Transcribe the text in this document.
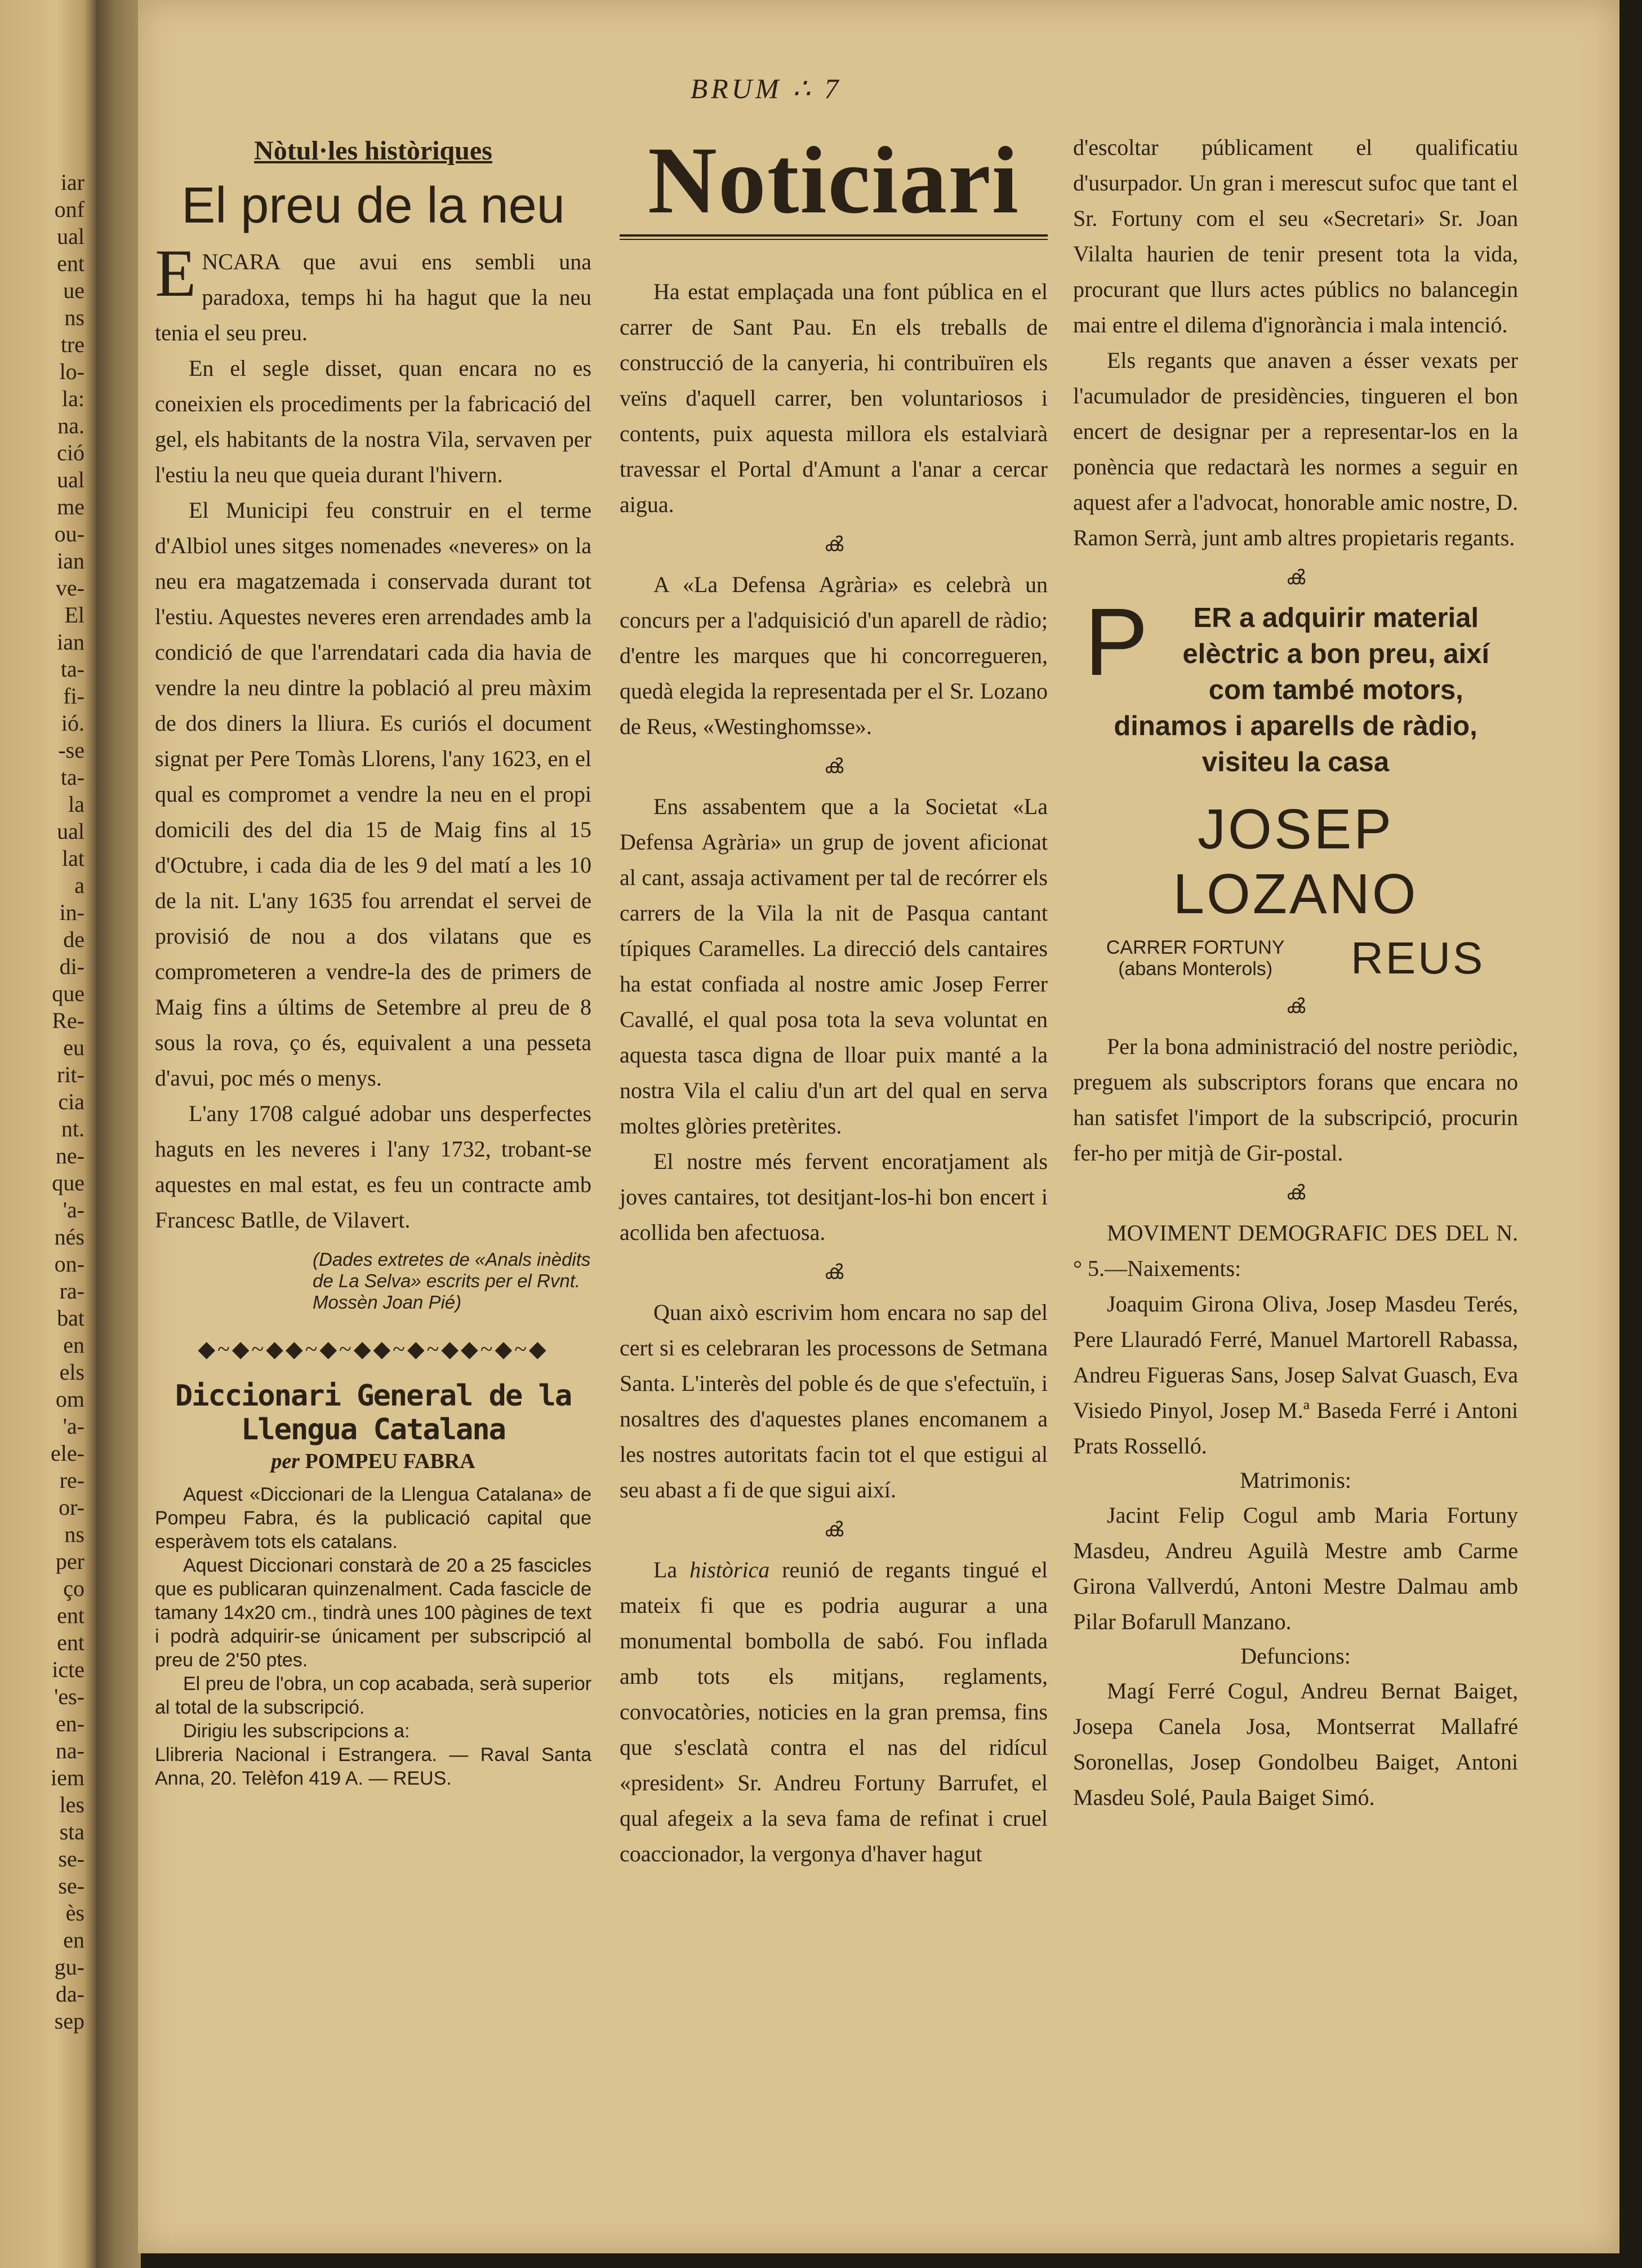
iar
onf
ual
ent
ue
ns
tre
lo-
la:
na.
ció
ual
me
ou-
ian
ve-
El
ian
ta-
fi-
ió.
-se
ta-
la
ual
lat
a
in-
de
di-
que
Re-
eu
rit-
cia
nt.
ne-
que
'a-
nés
on-
ra-
bat
en
els
om
'a-
ele-
re-
or-
ns
per
ço
ent
ent
icte
'es-
en-
na-
iem
les
sta
se-
se-
ès
en
gu-
da-
sep
BRUM ∴ 7
Nòtul·les històriques
El preu de la neu

ENCARA que avui ens sembli una paradoxa, temps hi ha hagut que la neu tenia el seu preu.

En el segle disset, quan encara no es coneixien els procediments per la fabricació del gel, els habitants de la nostra Vila, servaven per l'estiu la neu que queia durant l'hivern.

El Municipi feu construir en el terme d'Albiol unes sitges nomenades «neveres» on la neu era magatzemada i conservada durant tot l'estiu. Aquestes neveres eren arrendades amb la condició de que l'arrendatari cada dia havia de vendre la neu dintre la població al preu màxim de dos diners la lliura. Es curiós el document signat per Pere Tomàs Llorens, l'any 1623, en el qual es compromet a vendre la neu en el propi domicili des del dia 15 de Maig fins al 15 d'Octubre, i cada dia de les 9 del matí a les 10 de la nit. L'any 1635 fou arrendat el servei de provisió de nou a dos vilatans que es comprometeren a vendre-la des de primers de Maig fins a últims de Setembre al preu de 8 sous la rova, ço és, equivalent a una pesseta d'avui, poc més o menys.

L'any 1708 calgué adobar uns desperfectes haguts en les neveres i l'any 1732, trobant-se aquestes en mal estat, es feu un contracte amb Francesc Batlle, de Vilavert.

(Dades extretes de «Anals inèdits de La Selva» escrits per el Rvnt. Mossèn Joan Pié)
◆~◆~◆◆~◆~◆◆~◆~◆◆~◆~◆
Diccionari General de la Llengua Catalana
per POMPEU FABRA

Aquest «Diccionari de la Llengua Catalana» de Pompeu Fabra, és la publicació capital que esperàvem tots els catalans.

Aquest Diccionari constarà de 20 a 25 fascicles que es publicaran quinzenalment. Cada fascicle de tamany 14x20 cm., tindrà unes 100 pàgines de text i podrà adquirir-se únicament per subscripció al preu de 2'50 ptes.

El preu de l'obra, un cop acabada, serà superior al total de la subscripció.

Dirigiu les subscripcions a:

Llibreria Nacional i Estrangera. — Raval Santa Anna, 20. Telèfon 419 A. — REUS.

Noticiari

Ha estat emplaçada una font pública en el carrer de Sant Pau. En els treballs de construcció de la canyeria, hi contribuïren els veïns d'aquell carrer, ben voluntariosos i contents, puix aquesta millora els estalviarà travessar el Portal d'Amunt a l'anar a cercar aigua.

ൿ

A «La Defensa Agrària» es celebrà un concurs per a l'adquisició d'un aparell de ràdio; d'entre les marques que hi concorregueren, quedà elegida la representada per el Sr. Lozano de Reus, «Westinghomsse».

ൿ

Ens assabentem que a la Societat «La Defensa Agrària» un grup de jovent aficionat al cant, assaja activament per tal de recórrer els carrers de la Vila la nit de Pasqua cantant típiques Caramelles. La direcció dels cantaires ha estat confiada al nostre amic Josep Ferrer Cavallé, el qual posa tota la seva voluntat en aquesta tasca digna de lloar puix manté a la nostra Vila el caliu d'un art del qual en serva moltes glòries pretèrites.

El nostre més fervent encoratjament als joves cantaires, tot desitjant-los-hi bon encert i acollida ben afectuosa.

ൿ

Quan això escrivim hom encara no sap del cert si es celebraran les processons de Setmana Santa. L'interès del poble és de que s'efectuïn, i nosaltres des d'aquestes planes encomanem a les nostres autoritats facin tot el que estigui al seu abast a fi de que sigui així.

ൿ

La històrica reunió de regants tingué el mateix fi que es podria augurar a una monumental bombolla de sabó. Fou inflada amb tots els mitjans, reglaments, convocatòries, noticies en la gran premsa, fins que s'esclatà contra el nas del ridícul «president» Sr. Andreu Fortuny Barrufet, el qual afegeix a la seva fama de refinat i cruel coaccionador, la vergonya d'haver hagut

d'escoltar públicament el qualificatiu d'usurpador. Un gran i merescut sufoc que tant el Sr. Fortuny com el seu «Secretari» Sr. Joan Vilalta haurien de tenir present tota la vida, procurant que llurs actes públics no balancegin mai entre el dilema d'ignorància i mala intenció.

Els regants que anaven a ésser vexats per l'acumulador de presidències, tingueren el bon encert de designar per a representar-los en la ponència que redactarà les normes a seguir en aquest afer a l'advocat, honorable amic nostre, D. Ramon Serrà, junt amb altres propietaris regants.

ൿ

P ER a adquirir material elèctric a bon preu, així com també motors, dinamos i aparells de ràdio, visiteu la casa

JOSEP LOZANO
CARRER FORTUNY
(abans Monterols) REUS
ൿ

Per la bona administració del nostre periòdic, preguem als subscriptors forans que encara no han satisfet l'import de la subscripció, procurin fer-ho per mitjà de Gir-postal.

ൿ

MOVIMENT DEMOGRAFIC DES DEL N.° 5.—Naixements:

Joaquim Girona Oliva, Josep Masdeu Terés, Pere Llauradó Ferré, Manuel Martorell Rabassa, Andreu Figueras Sans, Josep Salvat Guasch, Eva Visiedo Pinyol, Josep M.ª Baseda Ferré i Antoni Prats Rosselló.

Matrimonis:

Jacint Felip Cogul amb Maria Fortuny Masdeu, Andreu Aguilà Mestre amb Carme Girona Vallverdú, Antoni Mestre Dalmau amb Pilar Bofarull Manzano.

Defuncions:

Magí Ferré Cogul, Andreu Bernat Baiget, Josepa Canela Josa, Montserrat Mallafré Soronellas, Josep Gondolbeu Baiget, Antoni Masdeu Solé, Paula Baiget Simó.
